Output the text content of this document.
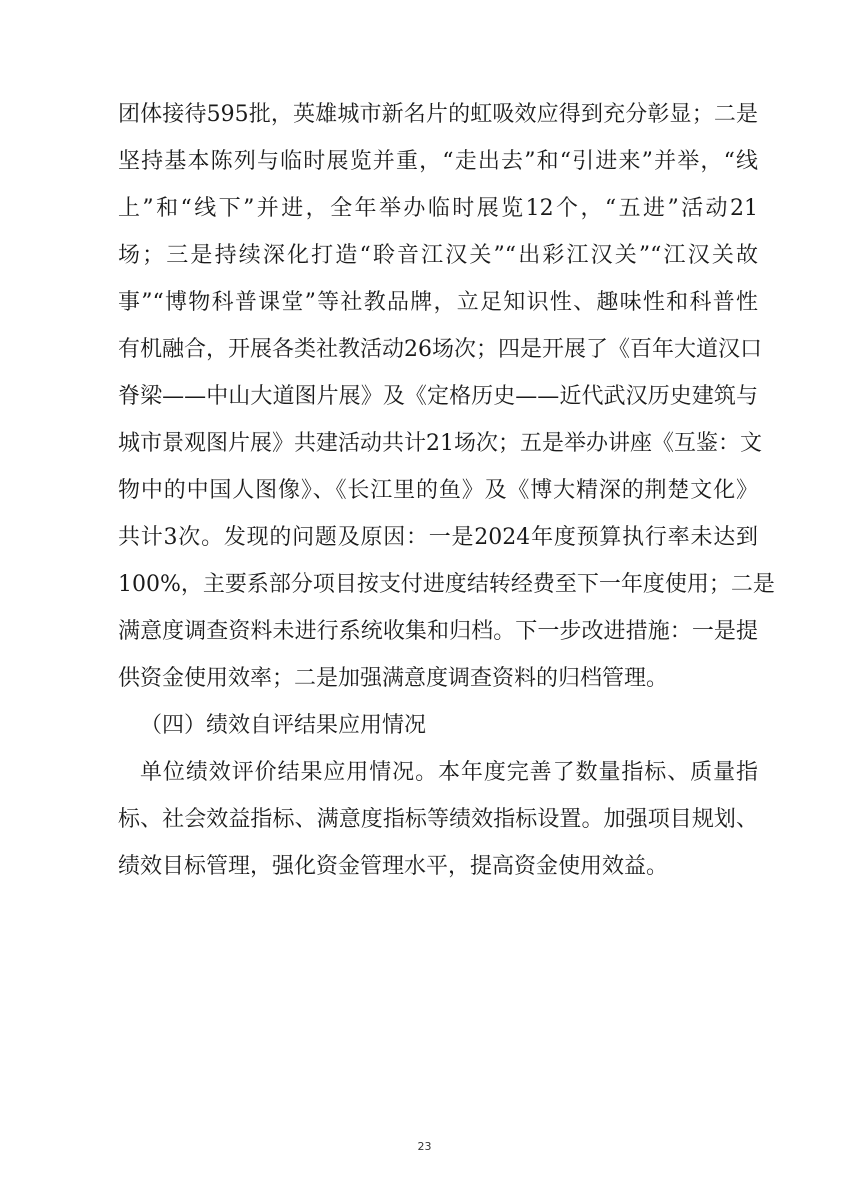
团体接待595批，英雄城市新名片的虹吸效应得到充分彰显；二是
坚持基本陈列与临时展览并重，“走出去”和“引进来”并举，“线
上”和“线下”并进，全年举办临时展览12个，“五进”活动21
场；三是持续深化打造“聆音江汉关”“出彩江汉关”“江汉关故
事”“博物科普课堂”等社教品牌，立足知识性、趣味性和科普性
有机融合，开展各类社教活动26场次；四是开展了《百年大道汉口
脊梁——中山大道图片展》及《定格历史——近代武汉历史建筑与
城市景观图片展》共建活动共计21场次；五是举办讲座《互鉴：文
物中的中国人图像》、《长江里的鱼》及《博大精深的荆楚文化》
共计3次。发现的问题及原因：一是2024年度预算执行率未达到
100%，主要系部分项目按支付进度结转经费至下一年度使用；二是
满意度调查资料未进行系统收集和归档。下一步改进措施：一是提
供资金使用效率；二是加强满意度调查资料的归档管理。
（四）绩效自评结果应用情况
单位绩效评价结果应用情况。本年度完善了数量指标、质量指
标、社会效益指标、满意度指标等绩效指标设置。加强项目规划、
绩效目标管理，强化资金管理水平，提高资金使用效益。
23
